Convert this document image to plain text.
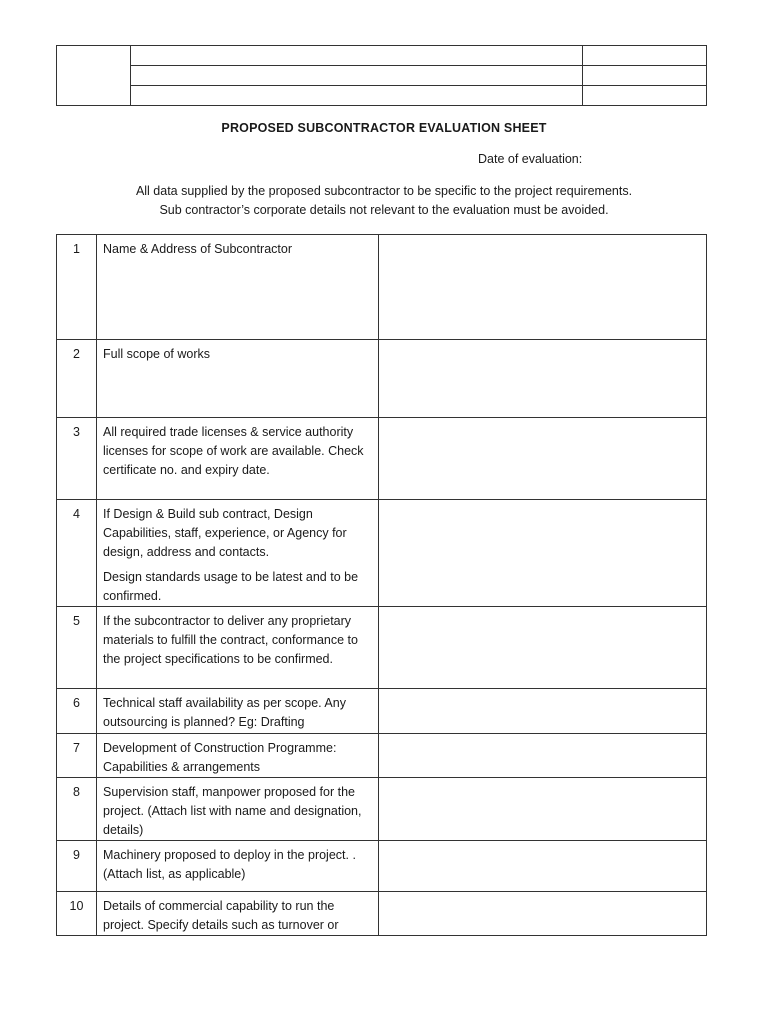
PROPOSED SUBCONTRACTOR EVALUATION SHEET
Date of evaluation:
All data supplied by the proposed subcontractor to be specific to the project requirements.
Sub contractor’s corporate details not relevant to the evaluation must be avoided.
1	Name & Address of Subcontractor	

2	Full scope of works	

3	All required trade licenses & service authority licenses for scope of work are available. Check certificate no. and expiry date.	

4	If Design & Build sub contract, Design Capabilities, staff, experience, or Agency for design, address and contacts.

Design standards usage to be latest and to be confirmed.	

5	If the subcontractor to deliver any proprietary materials to fulfill the contract, conformance to the project specifications to be confirmed.	

6	Technical staff availability as per scope. Any outsourcing is planned? Eg: Drafting	

7	Development of Construction Programme: Capabilities & arrangements	

8	Supervision staff, manpower proposed for the project. (Attach list with name and designation, details)	

9	Machinery proposed to deploy in the project. . (Attach list, as applicable)	

10	Details of commercial capability to run the project. Specify details such as turnover or	
